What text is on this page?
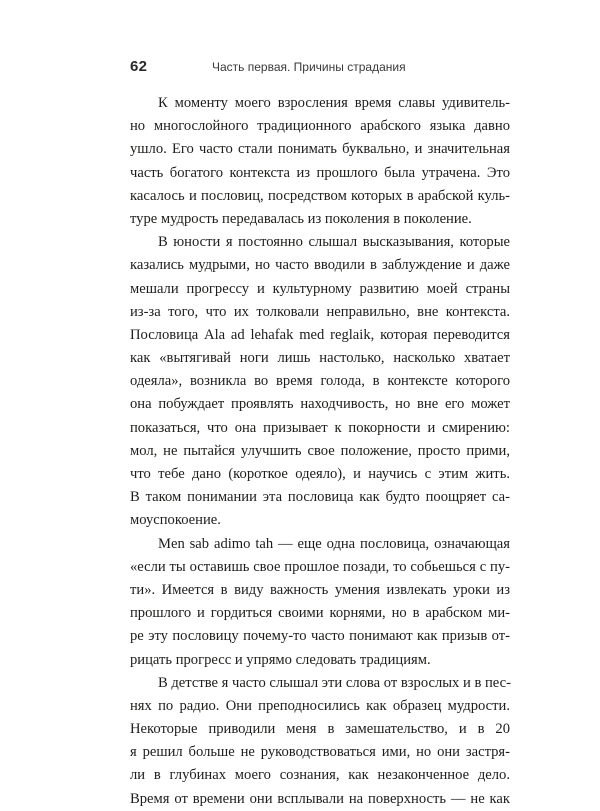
62	Часть первая. Причины страдания
К моменту моего взросления время славы удивитель-
но многослойного традиционного арабского языка давно
ушло. Его часто стали понимать буквально, и значительная
часть богатого контекста из прошлого была утрачена. Это
касалось и пословиц, посредством которых в арабской куль-
туре мудрость передавалась из поколения в поколение.
В юности я постоянно слышал высказывания, которые
казались мудрыми, но часто вводили в заблуждение и даже
мешали прогрессу и культурному развитию моей страны
из-за того, что их толковали неправильно, вне контекста.
Пословица Ala ad lehafak med reglaik, которая переводится
как «вытягивай ноги лишь настолько, насколько хватает
одеяла», возникла во время голода, в контексте которого
она побуждает проявлять находчивость, но вне его может
показаться, что она призывает к покорности и смирению:
мол, не пытайся улучшить свое положение, просто прими,
что тебе дано (короткое одеяло), и научись с этим жить.
В таком понимании эта пословица как будто поощряет са-
моуспокоение.
Men sab adimo tah — еще одна пословица, означающая
«если ты оставишь свое прошлое позади, то собьешься с пу-
ти». Имеется в виду важность умения извлекать уроки из
прошлого и гордиться своими корнями, но в арабском ми-
ре эту пословицу почему-то часто понимают как призыв от-
рицать прогресс и упрямо следовать традициям.
В детстве я часто слышал эти слова от взрослых и в пес-
нях по радио. Они преподносились как образец мудрости.
Некоторые приводили меня в замешательство, и в 20
я решил больше не руководствоваться ими, но они застря-
ли в глубинах моего сознания, как незаконченное дело.
Время от времени они всплывали на поверхность — не как
